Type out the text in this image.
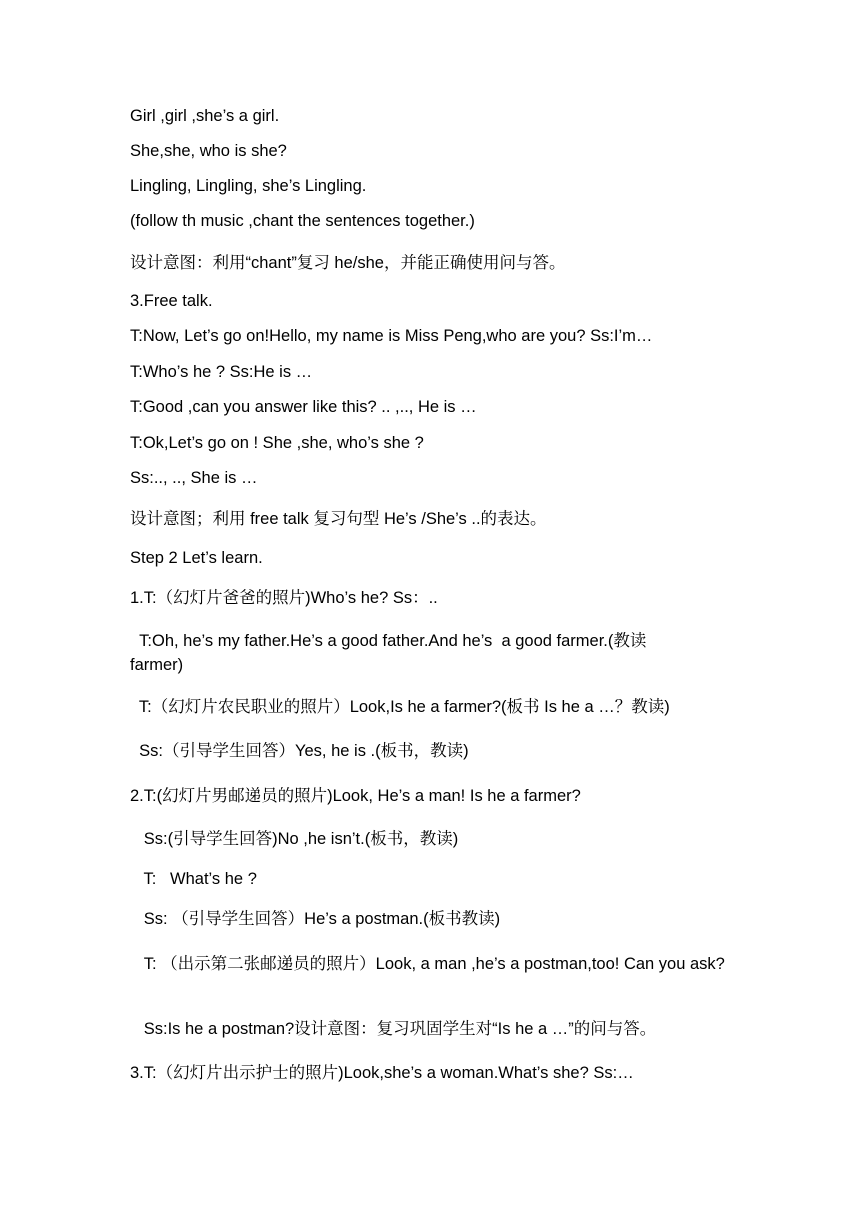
Girl ,girl ,she’s a girl.
She,she, who is she?
Lingling, Lingling, she’s Lingling.
(follow th music ,chant the sentences together.)
设计意图：利用“chant”复习 he/she，并能正确使用问与答。
3.Free talk.
T:Now, Let’s go on!Hello, my name is Miss Peng,who are you? Ss:I’m…
T:Who’s he ? Ss:He is …
T:Good ,can you answer like this? .. ,.., He is …
T:Ok,Let’s go on ! She ,she, who’s she ?
Ss:.., .., She is …
设计意图；利用 free talk 复习句型 He’s /She’s ..的表达。
Step 2 Let’s learn.
1.T:（幻灯片爸爸的照片)Who’s he? Ss：..
T:Oh, he’s my father.He’s a good father.And he’s  a good farmer.(教读 farmer)
T:（幻灯片农民职业的照片）Look,Is he a farmer?(板书 Is he a …？教读)
Ss:（引导学生回答）Yes, he is .(板书，教读)
2.T:(幻灯片男邮递员的照片)Look, He’s a man! Is he a farmer?
Ss:(引导学生回答)No ,he isn’t.(板书，教读)
T:   What’s he ?
Ss: （引导学生回答）He’s a postman.(板书教读)
T: （出示第二张邮递员的照片）Look, a man ,he’s a postman,too! Can you ask?
Ss:Is he a postman?设计意图：复习巩固学生对“Is he a …”的问与答。
3.T:（幻灯片出示护士的照片)Look,she’s a woman.What’s she? Ss:…
